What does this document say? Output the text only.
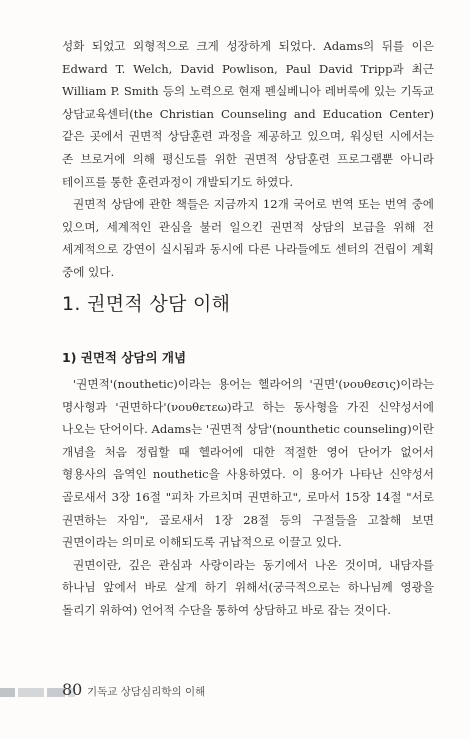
성화 되었고 외형적으로 크게 성장하게 되었다. Adams의 뒤를 이은 Edward T. Welch, David Powlison, Paul David Tripp과 최근 William P. Smith 등의 노력으로 현재 펜실베니아 레버룩에 있는 기독교 상담교육센터(the Christian Counseling and Education Center)같은 곳에서 권면적 상담훈련 과정을 제공하고 있으며, 워싱턴 시에서는 존 브로거에 의해 평신도를 위한 권면적 상담훈련 프로그램뿐 아니라 테이프를 통한 훈련과정이 개발되기도 하였다.

권면적 상담에 관한 책들은 지금까지 12개 국어로 번역 또는 번역 중에 있으며, 세계적인 관심을 불러 일으킨 권면적 상담의 보급을 위해 전 세계적으로 강연이 실시됨과 동시에 다른 나라들에도 센터의 건립이 계획 중에 있다.

1. 권면적 상담 이해
1) 권면적 상담의 개념

'권면적'(nouthetic)이라는 용어는 헬라어의 '권면'(νουθεσις)이라는 명사형과 '권면하다'(νουθετεω)라고 하는 동사형을 가진 신약성서에 나오는 단어이다. Adams는 '권면적 상담'(nounthetic counseling)이란 개념을 처음 정립할 때 헬라어에 대한 적절한 영어 단어가 없어서 형용사의 음역인 nouthetic을 사용하였다. 이 용어가 나타난 신약성서 골로새서 3장 16절 "피차 가르치며 권면하고", 로마서 15장 14절 "서로 권면하는 자임", 골로새서 1장 28절 등의 구절들을 고찰해 보면 권면이라는 의미로 이해되도록 귀납적으로 이끌고 있다.

권면이란, 깊은 관심과 사랑이라는 동기에서 나온 것이며, 내담자를 하나님 앞에서 바로 살게 하기 위해서(궁극적으로는 하나님께 영광을 돌리기 위하여) 언어적 수단을 통하여 상담하고 바로 잡는 것이다.

80 기독교 상담심리학의 이해
